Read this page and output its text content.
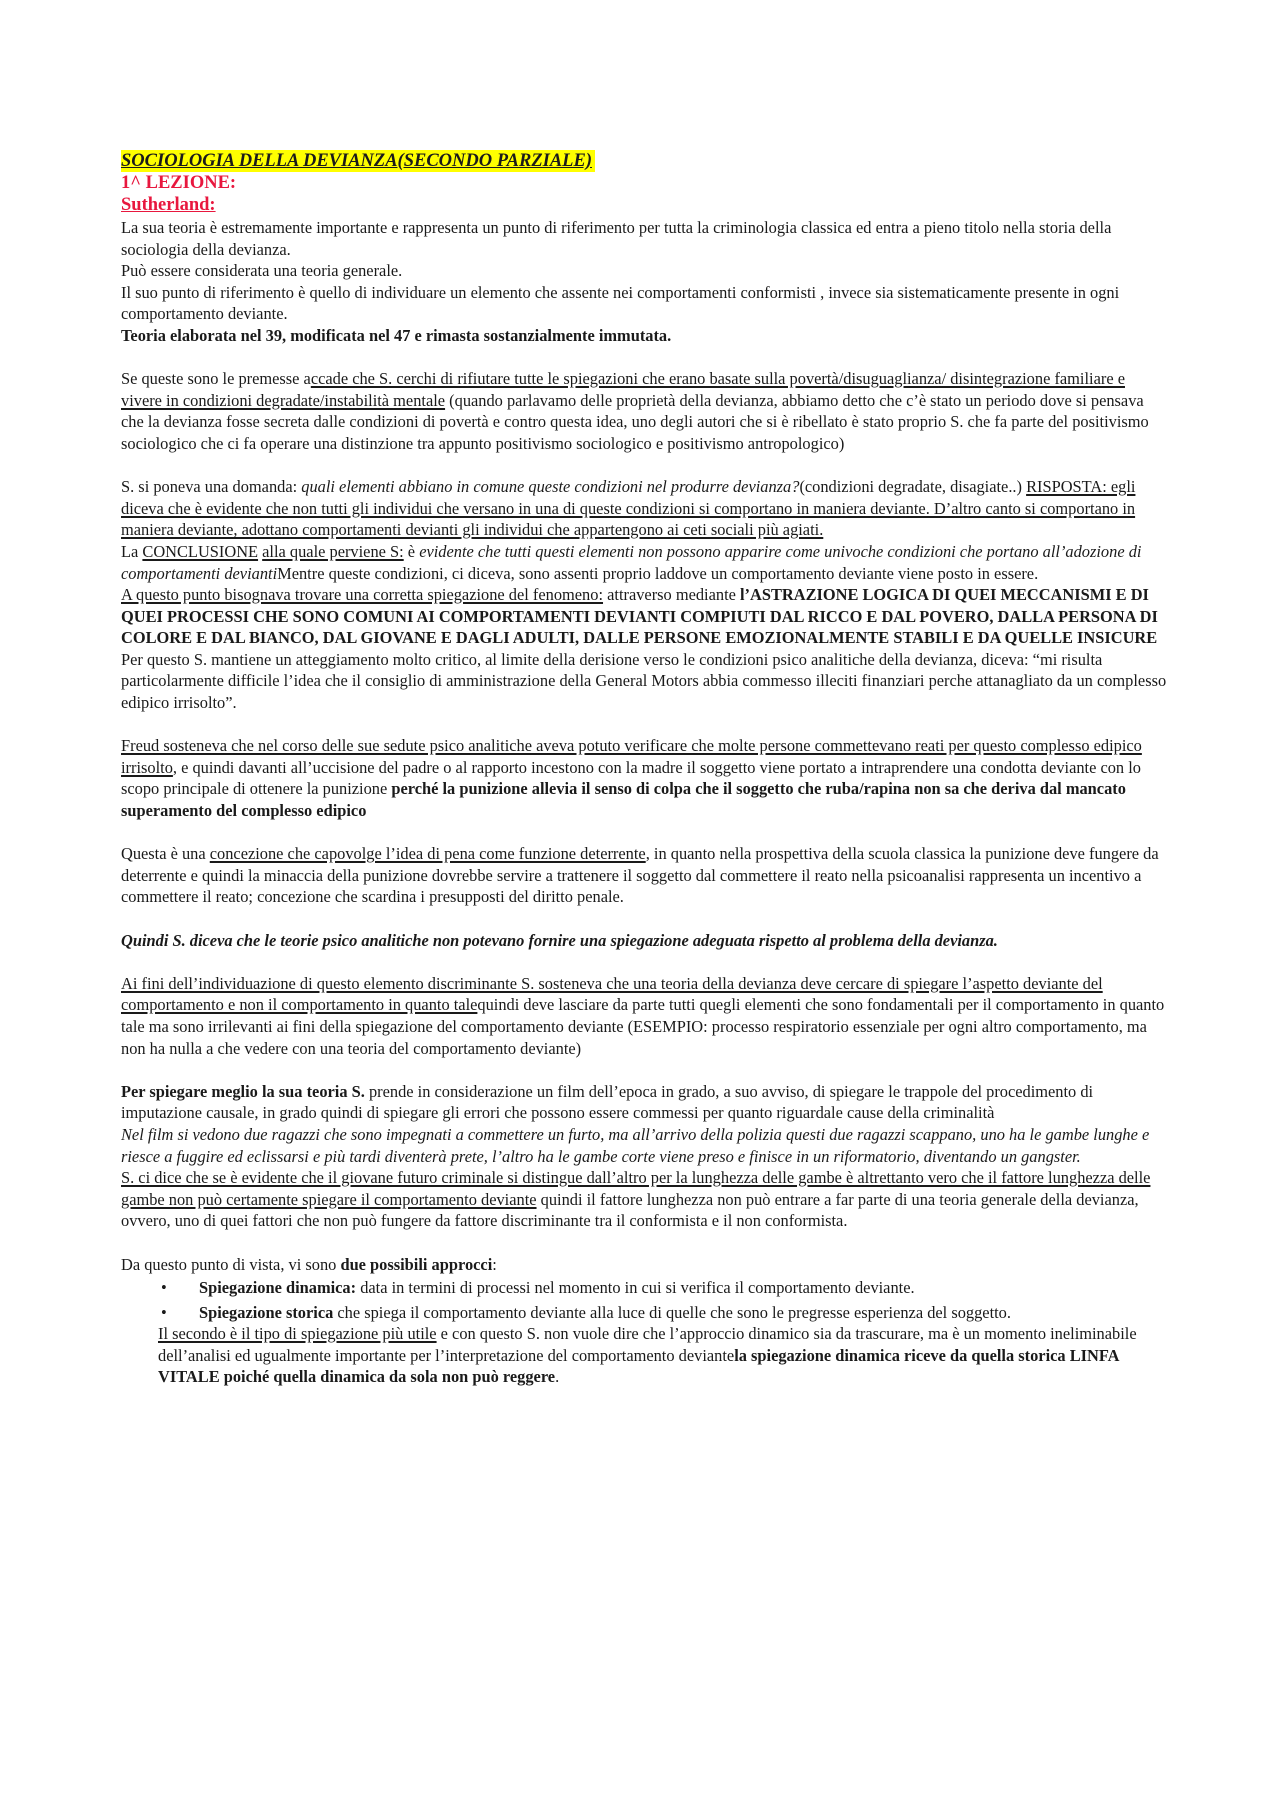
SOCIOLOGIA DELLA DEVIANZA(SECONDO PARZIALE)

1^ LEZIONE:

Sutherland:

La sua teoria è estremamente importante e rappresenta un punto di riferimento per tutta la criminologia classica ed entra a pieno titolo nella storia della sociologia della devianza.

Può essere considerata una teoria generale.

Il suo punto di riferimento è quello di individuare un elemento che assente nei comportamenti conformisti , invece sia sistematicamente presente in ogni comportamento deviante.

Teoria elaborata nel 39, modificata nel 47 e rimasta sostanzialmente immutata.

Se queste sono le premesse accade che S. cerchi di rifiutare tutte le spiegazioni che erano basate sulla povertà/disuguaglianza/ disintegrazione familiare e vivere in condizioni degradate/instabilità mentale (quando parlavamo delle proprietà della devianza, abbiamo detto che c’è stato un periodo dove si pensava che la devianza fosse secreta dalle condizioni di povertà e contro questa idea, uno degli autori che si è ribellato è stato proprio S. che fa parte del positivismo sociologico che ci fa operare una distinzione tra appunto positivismo sociologico e positivismo antropologico)

S. si poneva una domanda: quali elementi abbiano in comune queste condizioni nel produrre devianza?(condizioni degradate, disagiate..) RISPOSTA: egli diceva che è evidente che non tutti gli individui che versano in una di queste condizioni si comportano in maniera deviante. D’altro canto si comportano in maniera deviante, adottano comportamenti devianti gli individui che appartengono ai ceti sociali più agiati.

La CONCLUSIONE alla quale perviene S: è evidente che tutti questi elementi non possono apparire come univoche condizioni che portano all’adozione di comportamenti deviantiMentre queste condizioni, ci diceva, sono assenti proprio laddove un comportamento deviante viene posto in essere.

A questo punto bisognava trovare una corretta spiegazione del fenomeno: attraverso mediante l’ASTRAZIONE LOGICA DI QUEI MECCANISMI E DI QUEI PROCESSI CHE SONO COMUNI AI COMPORTAMENTI DEVIANTI COMPIUTI DAL RICCO E DAL POVERO, DALLA PERSONA DI COLORE E DAL BIANCO, DAL GIOVANE E DAGLI ADULTI, DALLE PERSONE EMOZIONALMENTE STABILI E DA QUELLE INSICURE Per questo S. mantiene un atteggiamento molto critico, al limite della derisione verso le condizioni psico analitiche della devianza, diceva: “mi risulta particolarmente difficile l’idea che il consiglio di amministrazione della General Motors abbia commesso illeciti finanziari perche attanagliato da un complesso edipico irrisolto”.

Freud sosteneva che nel corso delle sue sedute psico analitiche aveva potuto verificare che molte persone commettevano reati per questo complesso edipico irrisolto, e quindi davanti all’uccisione del padre o al rapporto incestono con la madre il soggetto viene portato a intraprendere una condotta deviante con lo scopo principale di ottenere la punizione perché la punizione allevia il senso di colpa che il soggetto che ruba/rapina non sa che deriva dal mancato superamento del complesso edipico

Questa è una concezione che capovolge l’idea di pena come funzione deterrente, in quanto nella prospettiva della scuola classica la punizione deve fungere da deterrente e quindi la minaccia della punizione dovrebbe servire a trattenere il soggetto dal commettere il reato nella psicoanalisi rappresenta un incentivo a commettere il reato; concezione che scardina i presupposti del diritto penale.

Quindi S. diceva che le teorie psico analitiche non potevano fornire una spiegazione adeguata rispetto al problema della devianza.

Ai fini dell’individuazione di questo elemento discriminante S. sosteneva che una teoria della devianza deve cercare di spiegare l’aspetto deviante del comportamento e non il comportamento in quanto talequindi deve lasciare da parte tutti quegli elementi che sono fondamentali per il comportamento in quanto tale ma sono irrilevanti ai fini della spiegazione del comportamento deviante (ESEMPIO: processo respiratorio essenziale per ogni altro comportamento, ma non ha nulla a che vedere con una teoria del comportamento deviante)

Per spiegare meglio la sua teoria S. prende in considerazione un film dell’epoca in grado, a suo avviso, di spiegare le trappole del procedimento di imputazione causale, in grado quindi di spiegare gli errori che possono essere commessi per quanto riguardale cause della criminalità

Nel film si vedono due ragazzi che sono impegnati a commettere un furto, ma all’arrivo della polizia questi due ragazzi scappano, uno ha le gambe lunghe e riesce a fuggire ed eclissarsi e più tardi diventerà prete, l’altro ha le gambe corte viene preso e finisce in un riformatorio, diventando un gangster.

S. ci dice che se è evidente che il giovane futuro criminale si distingue dall’altro per la lunghezza delle gambe è altrettanto vero che il fattore lunghezza delle gambe non può certamente spiegare il comportamento deviante quindi il fattore lunghezza non può entrare a far parte di una teoria generale della devianza, ovvero, uno di quei fattori che non può fungere da fattore discriminante tra il conformista e il non conformista.

Da questo punto di vista, vi sono due possibili approcci:

• Spiegazione dinamica: data in termini di processi nel momento in cui si verifica il comportamento deviante.
• Spiegazione storica che spiega il comportamento deviante alla luce di quelle che sono le pregresse esperienza del soggetto.

Il secondo è il tipo di spiegazione più utile e con questo S. non vuole dire che l’approccio dinamico sia da trascurare, ma è un momento ineliminabile dell’analisi ed ugualmente importante per l’interpretazione del comportamento deviantela spiegazione dinamica riceve da quella storica LINFA VITALE poiché quella dinamica da sola non può reggere.
